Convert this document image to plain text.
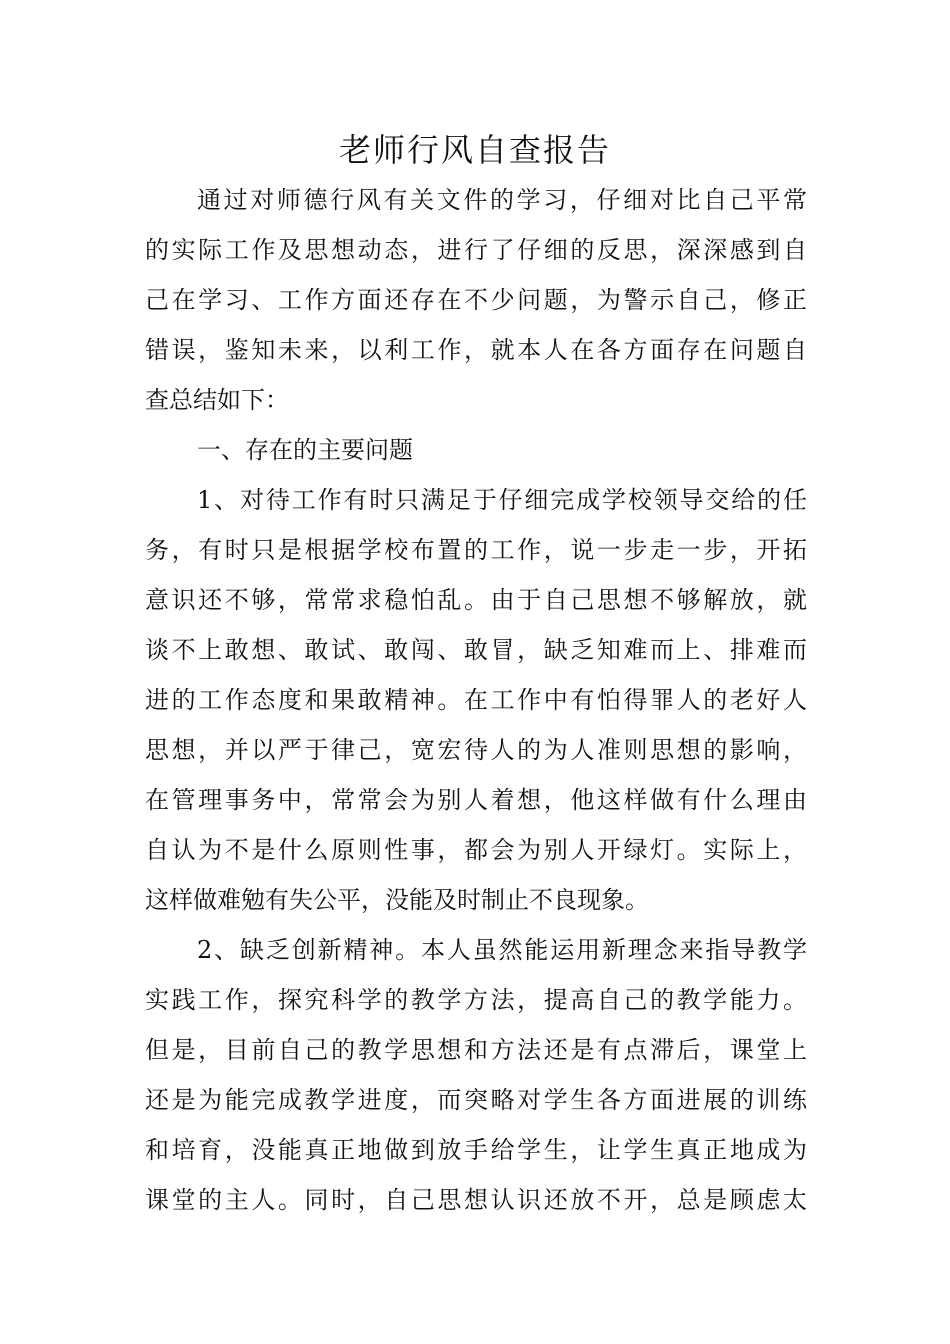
老师行风自查报告

通过对师德行风有关文件的学习，仔细对比自己平常

的实际工作及思想动态，进行了仔细的反思，深深感到自

己在学习、工作方面还存在不少问题，为警示自己，修正

错误，鉴知未来，以利工作，就本人在各方面存在问题自

查总结如下：

一、存在的主要问题

1、对待工作有时只满足于仔细完成学校领导交给的任

务，有时只是根据学校布置的工作，说一步走一步，开拓

意识还不够，常常求稳怕乱。由于自己思想不够解放，就

谈不上敢想、敢试、敢闯、敢冒，缺乏知难而上、排难而

进的工作态度和果敢精神。在工作中有怕得罪人的老好人

思想，并以严于律己，宽宏待人的为人准则思想的影响，

在管理事务中，常常会为别人着想，他这样做有什么理由

自认为不是什么原则性事，都会为别人开绿灯。实际上，

这样做难勉有失公平，没能及时制止不良现象。

2、缺乏创新精神。本人虽然能运用新理念来指导教学

实践工作，探究科学的教学方法，提高自己的教学能力。

但是，目前自己的教学思想和方法还是有点滞后，课堂上

还是为能完成教学进度，而突略对学生各方面进展的训练

和培育，没能真正地做到放手给学生，让学生真正地成为

课堂的主人。同时，自己思想认识还放不开，总是顾虑太
